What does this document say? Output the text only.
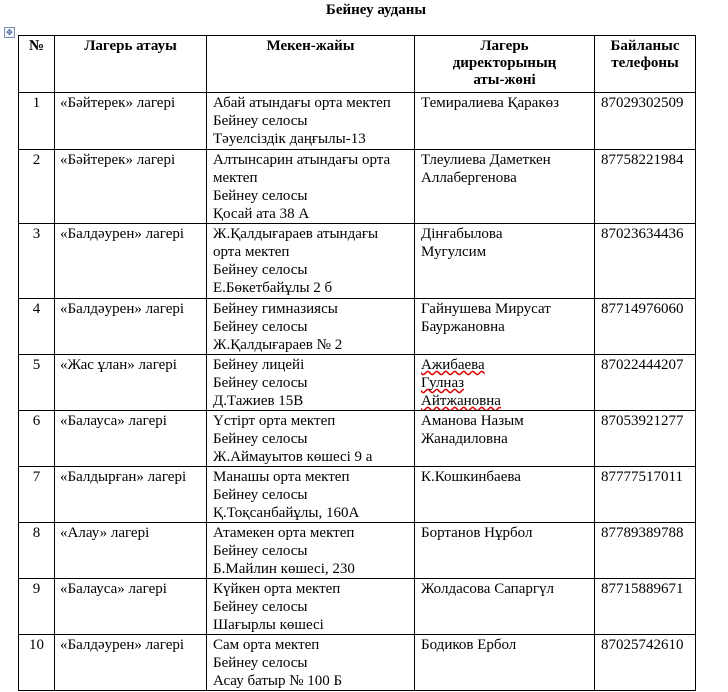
✥
Бейнеу ауданы
№	Лагерь атауы	Мекен-жайы	Лагерь
директорының
аты-жөні	Байланыс
телефоны

1	«Бәйтерек» лагері	Абай атындағы орта мектеп
Бейнеу селосы
Тәуелсіздік даңғылы-13	Темиралиева Қаракөз	87029302509

2	«Бәйтерек» лагері	Алтынсарин атындағы орта
мектеп
Бейнеу селосы
Қосай ата 38 А	Тлеулиева Даметкен
Аллабергенова	87758221984

3	«Балдәурен» лагері	Ж.Қалдығараев атындағы
орта мектеп
Бейнеу селосы
Е.Бөкетбайұлы 2 б	Дінғабылова
Мугулсим	87023634436

4	«Балдәурен» лагері	Бейнеу гимназиясы
Бейнеу селосы
Ж.Қалдығараев № 2	Гайнушева Мирусат
Бауржановна	87714976060

5	«Жас ұлан» лагері	Бейнеу лицейі
Бейнеу селосы
Д.Тажиев 15В	Ажибаева
Гулназ
Айтжановна	87022444207

6	«Балауса» лагері	Үстірт орта мектеп
Бейнеу селосы
Ж.Аймауытов көшесі 9 а	Аманова Назым
Жанадиловна	87053921277

7	«Балдырған» лагері	Манашы орта мектеп
Бейнеу селосы
Қ.Тоқсанбайұлы, 160А	К.Кошкинбаева	87777517011

8	«Алау» лагері	Атамекен орта мектеп
Бейнеу селосы
Б.Майлин көшесі, 230	Бортанов Нұрбол	87789389788

9	«Балауса» лагері	Күйкен орта мектеп
Бейнеу селосы
Шағырлы көшесі	Жолдасова Сапаргүл	87715889671

10	«Балдәурен» лагері	Сам орта мектеп
Бейнеу селосы
Асау батыр № 100 Б	Бодиков Ербол	87025742610
